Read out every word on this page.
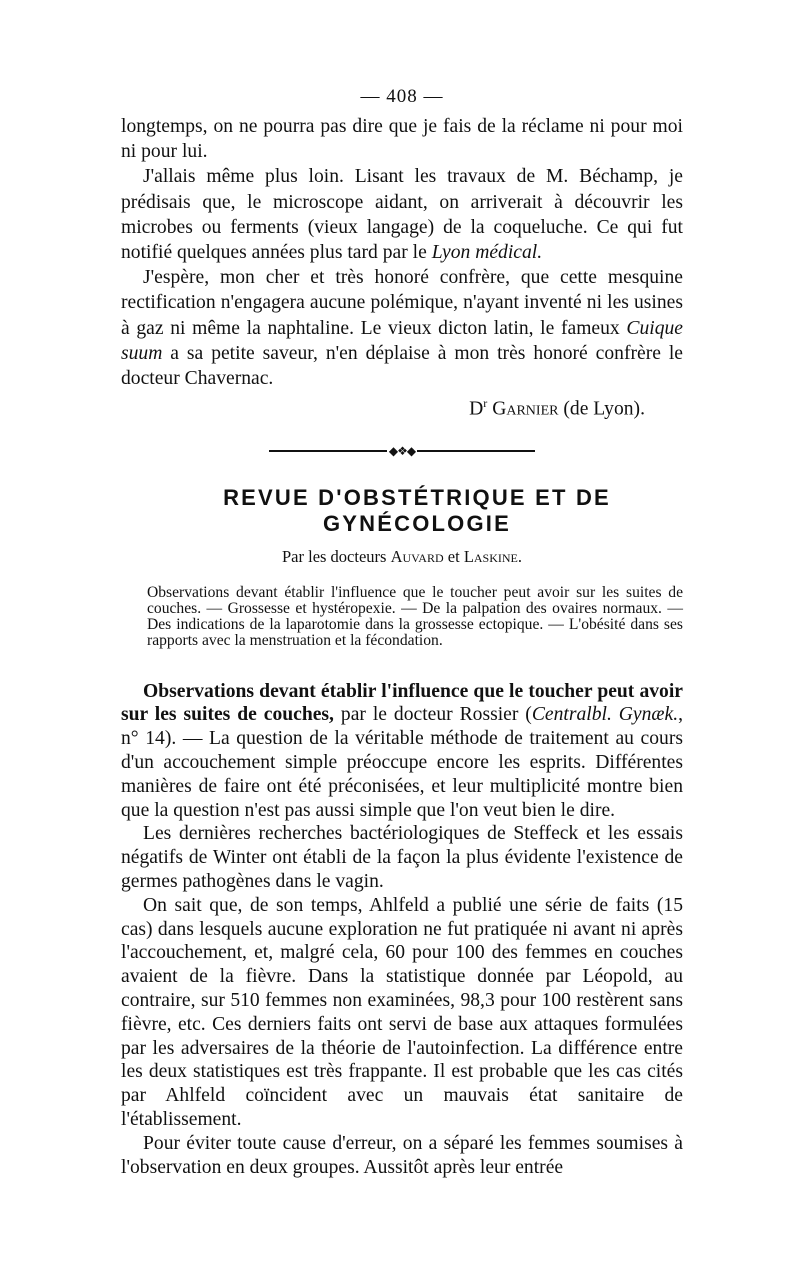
— 408 —

longtemps, on ne pourra pas dire que je fais de la réclame ni pour moi ni pour lui.

J'allais même plus loin. Lisant les travaux de M. Béchamp, je prédisais que, le microscope aidant, on arriverait à découvrir les microbes ou ferments (vieux langage) de la coqueluche. Ce qui fut notifié quelques années plus tard par le Lyon médical.

J'espère, mon cher et très honoré confrère, que cette mesquine rectification n'engagera aucune polémique, n'ayant inventé ni les usines à gaz ni même la naphtaline. Le vieux dicton latin, le fameux Cuique suum a sa petite saveur, n'en déplaise à mon très honoré confrère le docteur Chavernac.

$D^r$ Garnier (de Lyon).
◆❖◆
REVUE D'OBSTÉTRIQUE ET DE GYNÉCOLOGIE
Par les docteurs Auvard et Laskine.

Observations devant établir l'influence que le toucher peut avoir sur les suites de couches. — Grossesse et hystéropexie. — De la palpation des ovaires normaux. — Des indications de la laparotomie dans la grossesse ectopique. — L'obésité dans ses rapports avec la menstruation et la fécondation.

Observations devant établir l'influence que le toucher peut avoir sur les suites de couches, par le docteur Rossier (Centralbl. Gynæk., n° 14). — La question de la véritable méthode de traitement au cours d'un accouchement simple préoccupe encore les esprits. Différentes manières de faire ont été préconisées, et leur multiplicité montre bien que la question n'est pas aussi simple que l'on veut bien le dire.

Les dernières recherches bactériologiques de Steffeck et les essais négatifs de Winter ont établi de la façon la plus évidente l'existence de germes pathogènes dans le vagin.

On sait que, de son temps, Ahlfeld a publié une série de faits (15 cas) dans lesquels aucune exploration ne fut pratiquée ni avant ni après l'accouchement, et, malgré cela, 60 pour 100 des femmes en couches avaient de la fièvre. Dans la statistique donnée par Léopold, au contraire, sur 510 femmes non examinées, 98,3 pour 100 restèrent sans fièvre, etc. Ces derniers faits ont servi de base aux attaques formulées par les adversaires de la théorie de l'autoinfection. La différence entre les deux statistiques est très frappante. Il est probable que les cas cités par Ahlfeld coïncident avec un mauvais état sanitaire de l'établissement.

Pour éviter toute cause d'erreur, on a séparé les femmes soumises à l'observation en deux groupes. Aussitôt après leur entrée
